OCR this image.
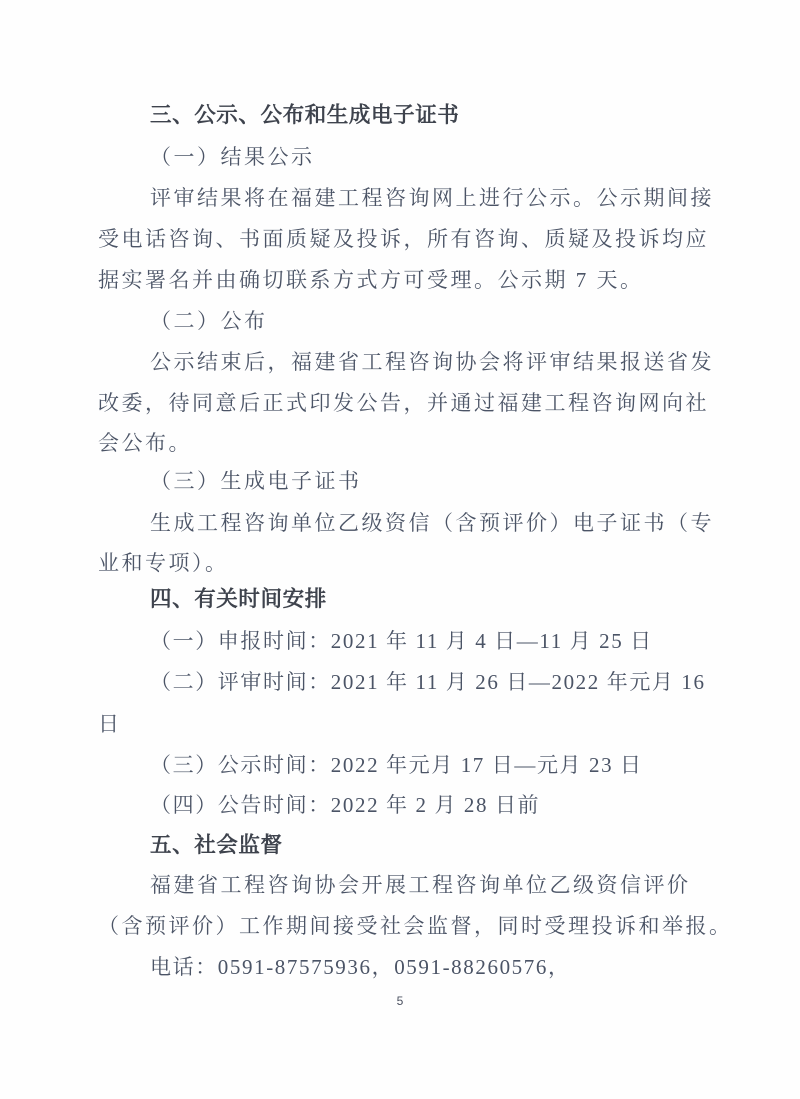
三、公示、公布和生成电子证书
（一）结果公示
评审结果将在福建工程咨询网上进行公示。公示期间接
受电话咨询、书面质疑及投诉，所有咨询、质疑及投诉均应
据实署名并由确切联系方式方可受理。公示期 7 天。
（二）公布
公示结束后，福建省工程咨询协会将评审结果报送省发
改委，待同意后正式印发公告，并通过福建工程咨询网向社
会公布。
（三）生成电子证书
生成工程咨询单位乙级资信（含预评价）电子证书（专
业和专项）。
四、有关时间安排
（一）申报时间：2021 年 11 月 4 日—11 月 25 日
（二）评审时间：2021 年 11 月 26 日—2022 年元月 16
日
（三）公示时间：2022 年元月 17 日—元月 23 日
（四）公告时间：2022 年 2 月 28 日前
五、社会监督
福建省工程咨询协会开展工程咨询单位乙级资信评价
（含预评价）工作期间接受社会监督，同时受理投诉和举报。
电话：0591-87575936，0591-88260576，
5
